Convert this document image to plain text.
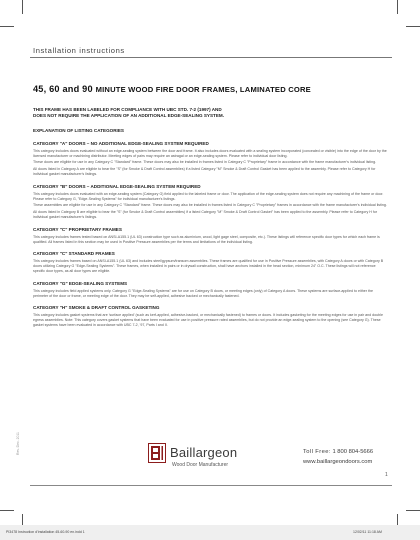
Installation instructions
45, 60 and 90 MINUTE WOOD FIRE DOOR FRAMES, LAMINATED CORE
THIS FRAME HAS BEEN LABELED FOR COMPLIANCE WITH UBC STD. 7-2 (1997) AND
DOES NOT REQUIRE THE APPLICATION OF AN ADDITIONAL EDGE-SEALING SYSTEM.
EXPLANATION OF LISTING CATEGORIES
CATEGORY "A" DOORS – NO ADDITIONAL EDGE-SEALING SYSTEM REQUIRED

This category includes doors evaluated without an edge-sealing system between the door and frame. It also includes doors evaluated with a sealing system incorporated (concealed or visible) into the edge of the door by the licensed manufacturer or machining distributor. Meeting edges of pairs may require an astragal or an edge-sealing system. Please refer to individual door listing.

These doors are eligible for use in any Category C "Standard" frame. These doors may also be installed in frames listed in Category C "Proprietary" frame in accordance with the frame manufacturer's individual listing.

All doors listed in Category A are eligible to bear the "S" (for Smoke & Draft Control assemblies) if a listed Category "M" Smoke & Draft Control Gasket has been applied to the assembly. Please refer to Category H for individual gasket manufacturer's listings.

CATEGORY "B" DOORS – ADDITIONAL EDGE-SEALING SYSTEM REQUIRED

This category includes doors evaluated with an edge-sealing system (Category G) field applied to the labeled frame or door. The application of the edge-sealing system does not require any machining of the frame or door. Please refer to Category G, "Edge-Sealing Systems" for individual manufacturer's listings.

These assemblies are eligible for use in any Category C "Standard" frame. These doors may also be installed in frames listed in Category C "Proprietary" frames in accordance with the frame manufacturer's individual listing.

All doors listed in Category B are eligible to bear the "S" (for Smoke & Draft Control assemblies) if a listed Category "M" Smoke & Draft Control Gasket" has been applied to the assembly. Please refer to Category H for individual gasket manufacturer's listings.

CATEGORY "C" PROPRIETARY FRAMES

This category includes frames tested based on ANSI-A155.1 (UL 63) construction type such as aluminium, wood, light gage steel, composite, etc.). These listings will reference specific door types for which each frame is qualified. All frames listed in this section may be used in Positive Pressure assemblies per the terms and limitations of the individual listing.

CATEGORY "C" STANDARD FRAMES

This category includes frames based on ANSI-A155.1 (UL 63) and includes steel/gypsum/transom assemblies. These frames are qualified for use in Positive Pressure assemblies, with Category A doors or with Category B doors utilizing Category G "Edge-Sealing Systems". These frames, when installed in pairs or in drywall construction, shall have anchors installed in the head section, minimum 24" O.C. These listings will not reference specific door types, as all door types are eligible.

CATEGORY "G" EDGE-SEALING SYSTEMS

This category includes field applied systems only. Category G "Edge-Sealing Systems" are for use on Category B doors, or meeting edges (only) of Category A doors. These systems are surface-applied to either the perimeter of the door or frame, or meeting edge of the door. They may be self-applied, adhesive backed or mechanically fastened.

CATEGORY "H" SMOKE & DRAFT CONTROL GASKETING

This category includes gasket systems that are 'surface applied' (such as kerf-applied, adhesive-backed, or mechanically fastened) to frames or doors. It includes gasketing for the meeting edges for use in pair and double egress assemblies. Note: This category covers gasket systems that have been evaluated for use in positive pressure rated assemblies, but do not provide an edge-sealing system to the opening (see Category G). These gasket systems have been evaluated in accordance with UBC 7-2, '97, Parts I and II.

Rev. Dec. 2011	Baillargeon
Wood Door Manufacturer
Toll Free: 1 800 804-5666
www.baillargeondoors.com
1
PI3478 Instruction d'installation 45-60-90 en.indd 1	12/02/11 11:18 AM
